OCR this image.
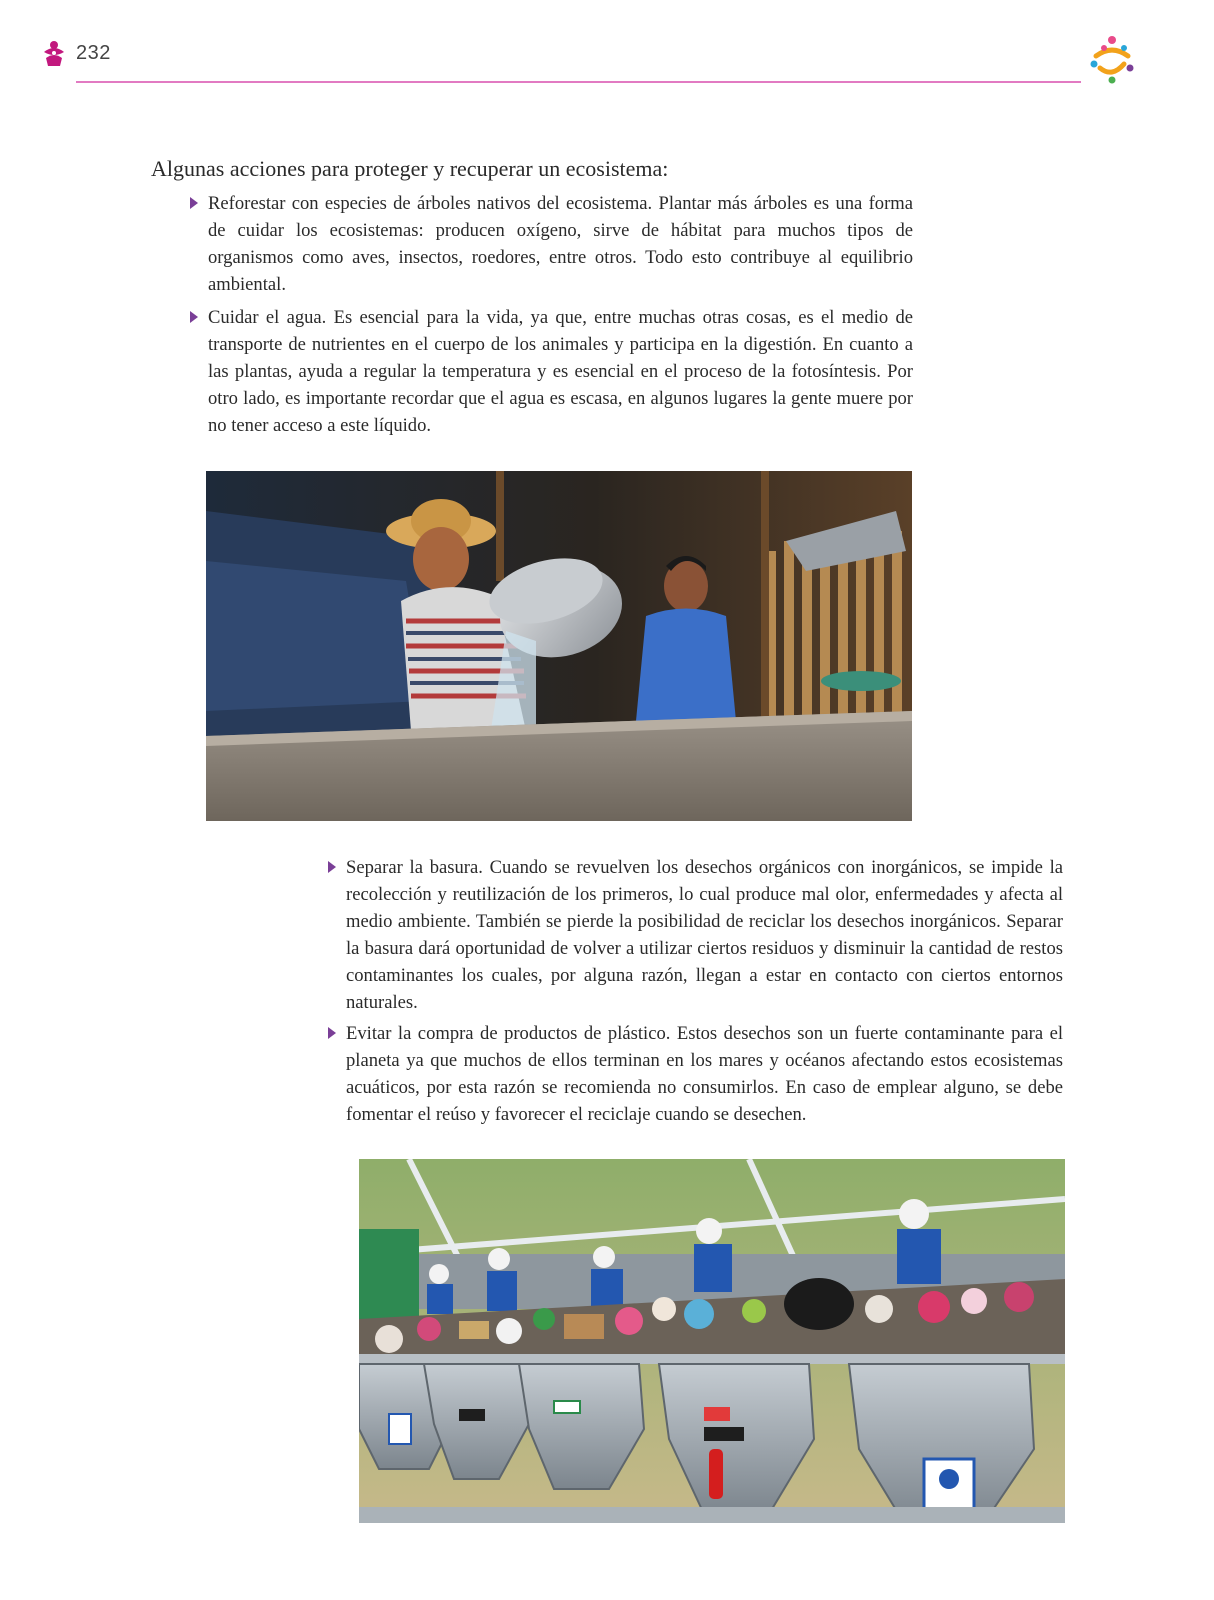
232
Algunas acciones para proteger y recuperar un ecosistema:
Reforestar con especies de árboles nativos del ecosistema. Plantar más árboles es una forma de cuidar los ecosistemas: producen oxígeno, sirve de hábitat para muchos tipos de organismos como aves, insectos, roedores, entre otros. Todo esto contribuye al equilibrio ambiental.
Cuidar el agua. Es esencial para la vida, ya que, entre muchas otras cosas, es el medio de transporte de nutrientes en el cuerpo de los animales y participa en la digestión. En cuanto a las plantas, ayuda a regular la temperatura y es esencial en el proceso de la fotosíntesis. Por otro lado, es importante recordar que el agua es escasa, en algunos lugares la gente muere por no tener acceso a este líquido.
Separar la basura. Cuando se revuelven los desechos orgánicos con inorgánicos, se impide la recolección y reutilización de los primeros, lo cual produce mal olor, enfermedades y afecta al medio ambiente. También se pierde la posibilidad de reciclar los desechos inorgánicos. Separar la basura dará oportunidad de volver a utilizar ciertos residuos y disminuir la cantidad de restos contaminantes los cuales, por alguna razón, llegan a estar en contacto con ciertos entornos naturales.
Evitar la compra de productos de plástico. Estos desechos son un fuerte contaminante para el planeta ya que muchos de ellos terminan en los mares y océanos afectando estos ecosistemas acuáticos, por esta razón se recomienda no consumirlos. En caso de emplear alguno, se debe fomentar el reúso y favorecer el reciclaje cuando se desechen.
